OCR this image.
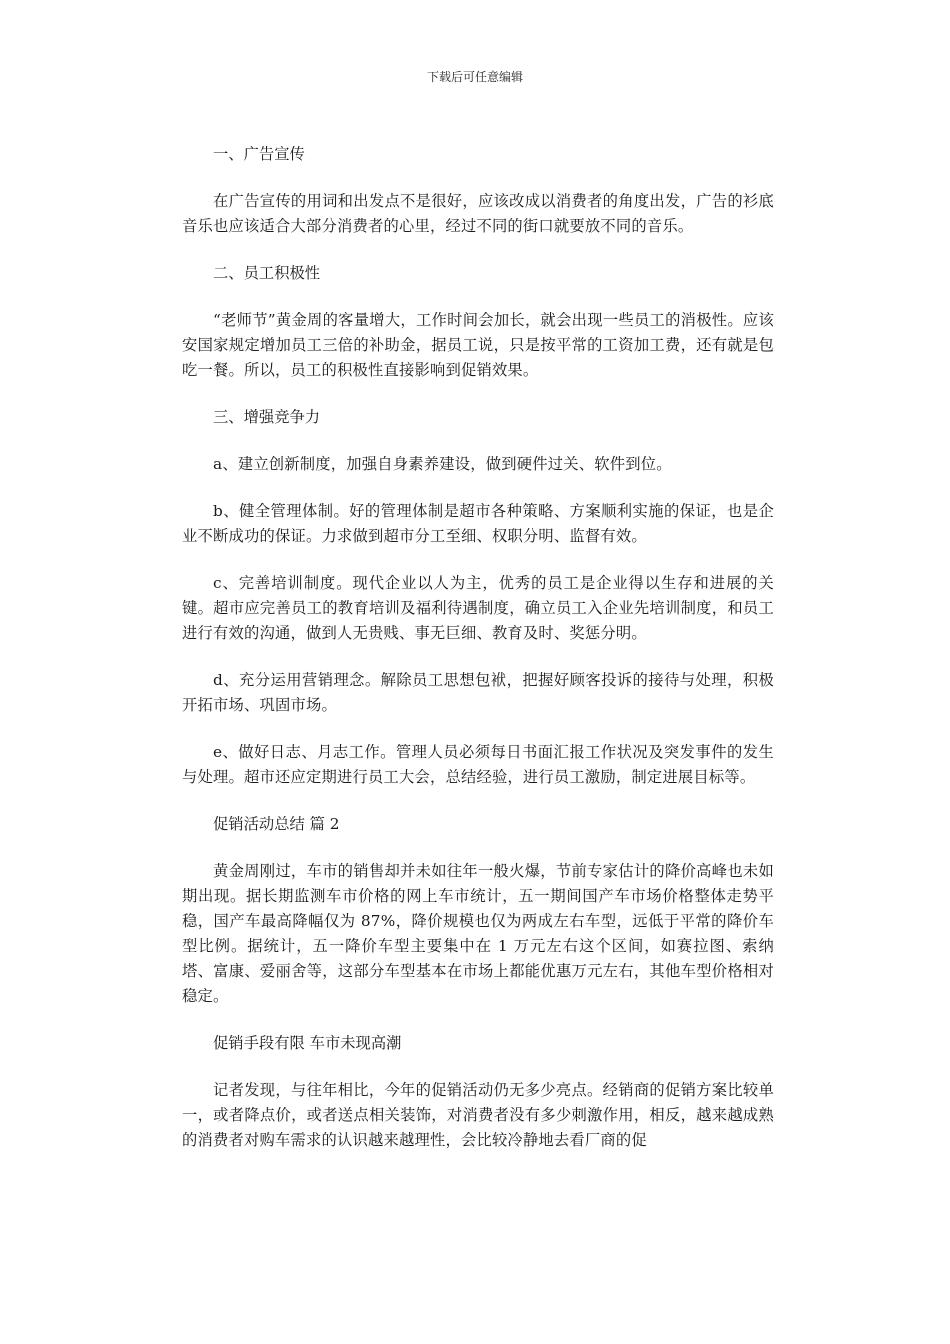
下载后可任意编辑

一、广告宣传

在广告宣传的用词和出发点不是很好，应该改成以消费者的角度出发，广告的衫底音乐也应该适合大部分消费者的心里，经过不同的街口就要放不同的音乐。

二、员工积极性

“老师节”黄金周的客量增大，工作时间会加长，就会出现一些员工的消极性。应该安国家规定增加员工三倍的补助金，据员工说，只是按平常的工资加工费，还有就是包吃一餐。所以，员工的积极性直接影响到促销效果。

三、增强竞争力

a、建立创新制度，加强自身素养建设，做到硬件过关、软件到位。

b、健全管理体制。好的管理体制是超市各种策略、方案顺利实施的保证，也是企业不断成功的保证。力求做到超市分工至细、权职分明、监督有效。

c、完善培训制度。现代企业以人为主，优秀的员工是企业得以生存和进展的关键。超市应完善员工的教育培训及福利待遇制度，确立员工入企业先培训制度，和员工进行有效的沟通，做到人无贵贱、事无巨细、教育及时、奖惩分明。

d、充分运用营销理念。解除员工思想包袱，把握好顾客投诉的接待与处理，积极开拓市场、巩固市场。

e、做好日志、月志工作。管理人员必须每日书面汇报工作状况及突发事件的发生与处理。超市还应定期进行员工大会，总结经验，进行员工激励，制定进展目标等。

促销活动总结 篇 2

黄金周刚过，车市的销售却并未如往年一般火爆，节前专家估计的降价高峰也未如期出现。据长期监测车市价格的网上车市统计，五一期间国产车市场价格整体走势平稳，国产车最高降幅仅为 87%，降价规模也仅为两成左右车型，远低于平常的降价车型比例。据统计，五一降价车型主要集中在 1 万元左右这个区间，如赛拉图、索纳塔、富康、爱丽舍等，这部分车型基本在市场上都能优惠万元左右，其他车型价格相对稳定。

促销手段有限 车市未现高潮

记者发现，与往年相比，今年的促销活动仍无多少亮点。经销商的促销方案比较单一，或者降点价，或者送点相关装饰，对消费者没有多少刺激作用，相反，越来越成熟的消费者对购车需求的认识越来越理性，会比较冷静地去看厂商的促
